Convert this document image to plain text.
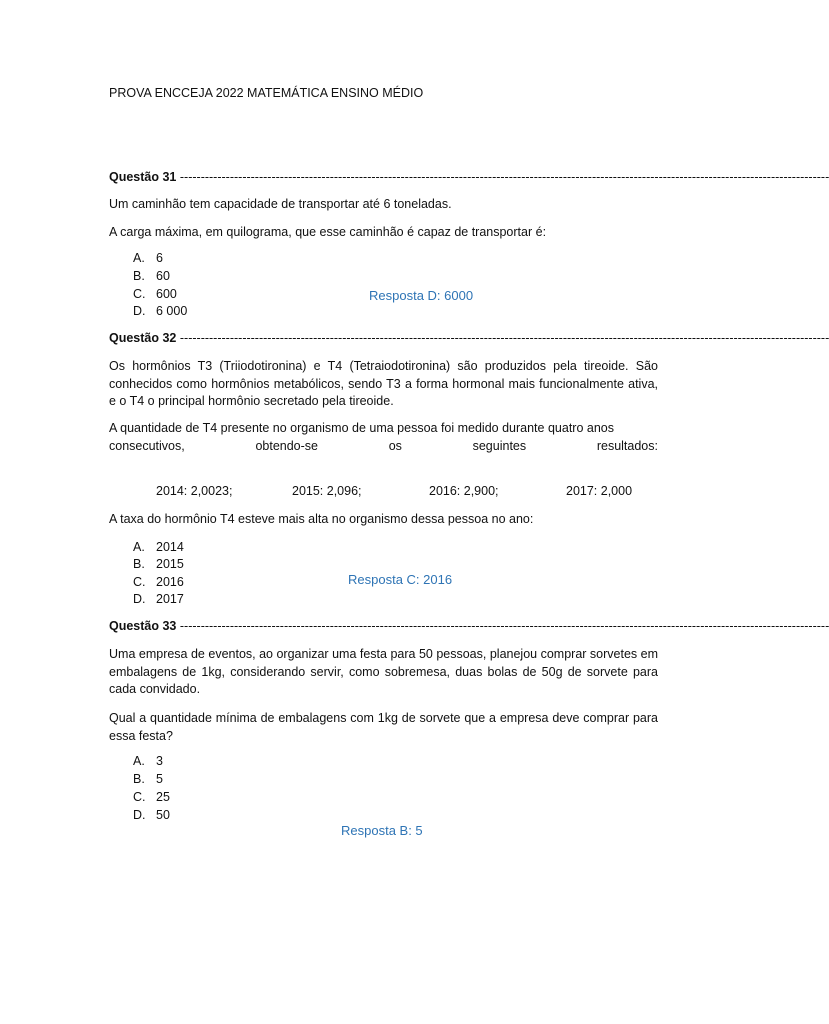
PROVA ENCCEJA 2022 MATEMÁTICA ENSINO MÉDIO
Questão 31 ------------------------------------------------------------------------------------------------------------------------------------------------------------
Um caminhão tem capacidade de transportar até 6 toneladas.
A carga máxima, em quilograma, que esse caminhão é capaz de transportar é:
A. 6
B. 60
C. 600
D. 6 000
Resposta D: 6000
Questão 32 ------------------------------------------------------------------------------------------------------------------------------------------------------------
Os hormônios T3 (Triiodotironina) e T4 (Tetraiodotironina) são produzidos pela tireoide. São conhecidos como hormônios metabólicos, sendo T3 a forma hormonal mais funcionalmente ativa, e o T4 o principal hormônio secretado pela tireoide.
A quantidade de T4 presente no organismo de uma pessoa foi medido durante quatro anos
consecutivos,	obtendo-se	os	seguintes	resultados:
2014: 2,0023;	2015: 2,096;	2016: 2,900;	2017: 2,000
A taxa do hormônio T4 esteve mais alta no organismo dessa pessoa no ano:
A. 2014
B. 2015
C. 2016
D. 2017
Resposta C: 2016
Questão 33 ------------------------------------------------------------------------------------------------------------------------------------------------------------
Uma empresa de eventos, ao organizar uma festa para 50 pessoas, planejou comprar sorvetes em embalagens de 1kg, considerando servir, como sobremesa, duas bolas de 50g de sorvete para cada convidado.
Qual a quantidade mínima de embalagens com 1kg de sorvete que a empresa deve comprar para essa festa?
A. 3
B. 5
C. 25
D. 50
Resposta B: 5
